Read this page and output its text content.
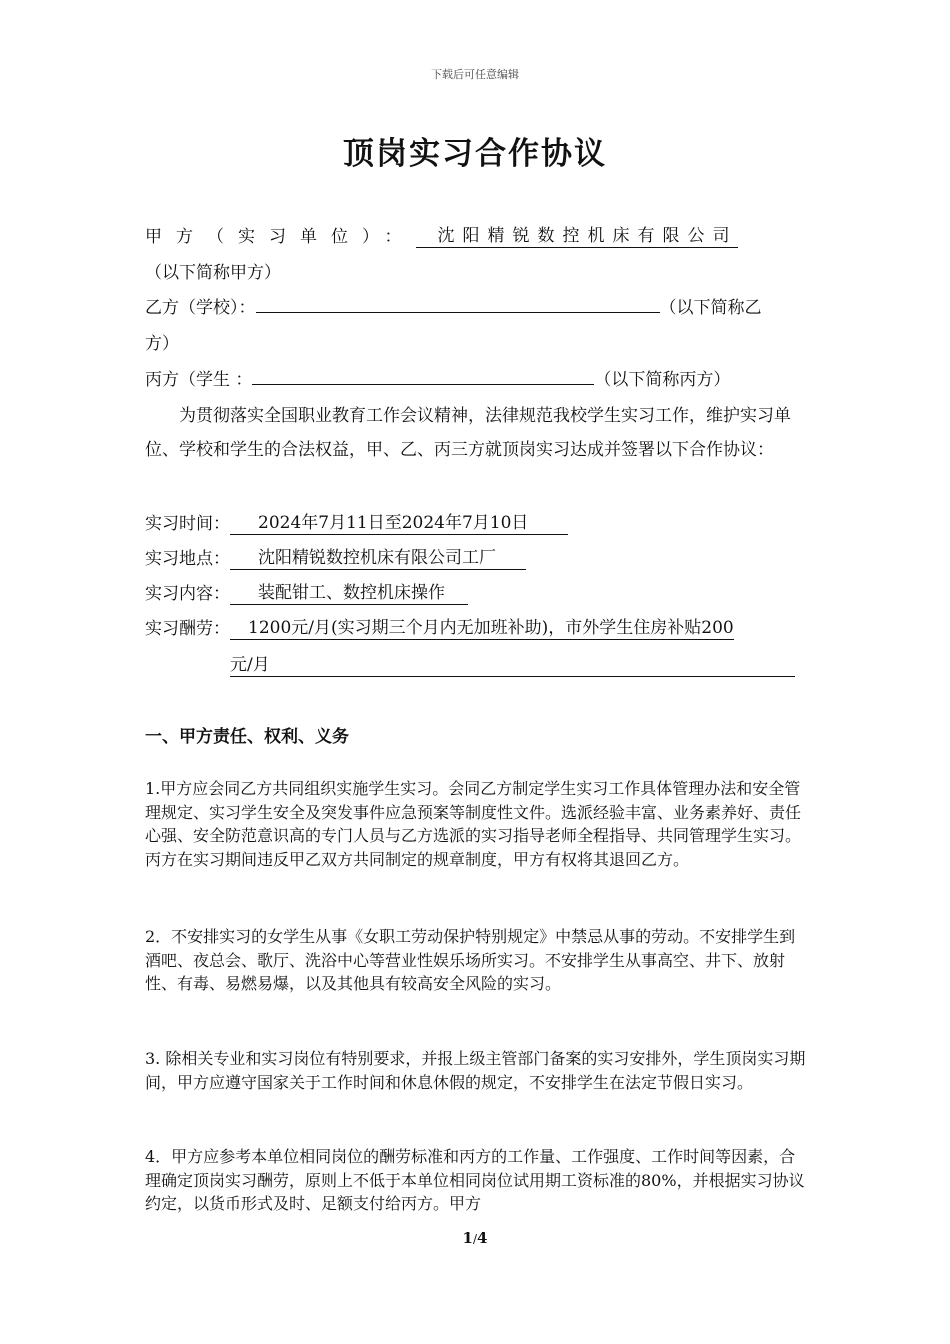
下载后可任意编辑
顶岗实习合作协议
甲方（实习单位）： 沈阳精锐数控机床有限公司
（以下简称甲方）
乙方（学校）：	（以下简称乙
方）
丙方（学生 ：	（以下简称丙方）
为贯彻落实全国职业教育工作会议精神，法律规范我校学生实习工作，维护实习单位、学校和学生的合法权益，甲、乙、丙三方就顶岗实习达成并签署以下合作协议：
实习时间： 2024年7月11日至2024年7月10日
实习地点： 沈阳精锐数控机床有限公司工厂
实习内容： 装配钳工、数控机床操作
实习酬劳： 1200元/月(实习期三个月内无加班补助)，市外学生住房补贴200
元/月
一、甲方责任、权利、义务
1.甲方应会同乙方共同组织实施学生实习。会同乙方制定学生实习工作具体管理办法和安全管理规定、实习学生安全及突发事件应急预案等制度性文件。选派经验丰富、业务素养好、责任心强、安全防范意识高的专门人员与乙方选派的实习指导老师全程指导、共同管理学生实习。丙方在实习期间违反甲乙双方共同制定的规章制度，甲方有权将其退回乙方。
2．不安排实习的女学生从事《女职工劳动保护特别规定》中禁忌从事的劳动。不安排学生到酒吧、夜总会、歌厅、洗浴中心等营业性娱乐场所实习。不安排学生从事高空、井下、放射性、有毒、易燃易爆，以及其他具有较高安全风险的实习。
3. 除相关专业和实习岗位有特别要求，并报上级主管部门备案的实习安排外，学生顶岗实习期间，甲方应遵守国家关于工作时间和休息休假的规定，不安排学生在法定节假日实习。
4．甲方应参考本单位相同岗位的酬劳标准和丙方的工作量、工作强度、工作时间等因素，合理确定顶岗实习酬劳，原则上不低于本单位相同岗位试用期工资标准的80%，并根据实习协议约定，以货币形式及时、足额支付给丙方。甲方
1/4
